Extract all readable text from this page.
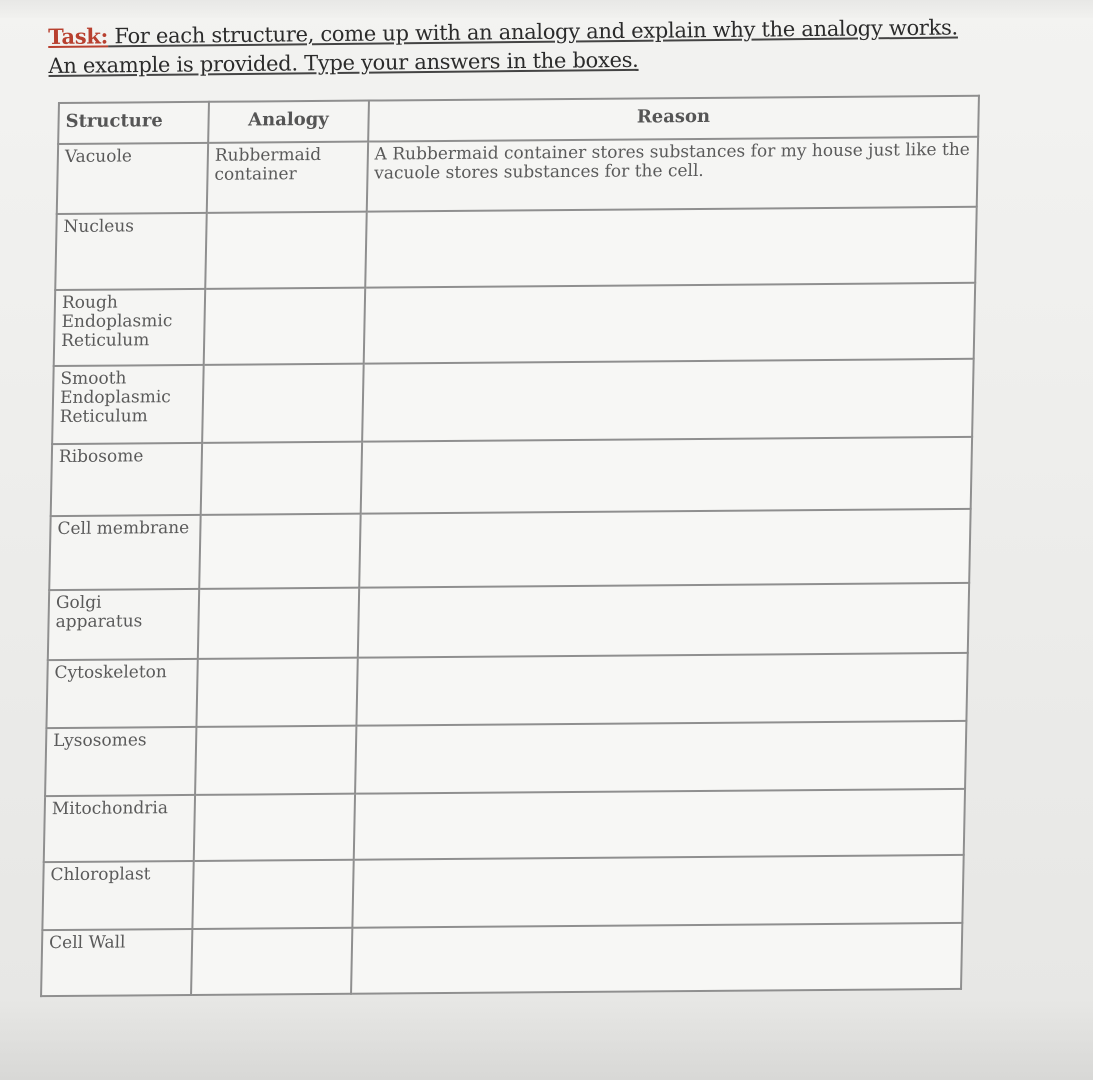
Task: For each structure, come up with an analogy and explain why the analogy works.
An example is provided. Type your answers in the boxes.
Structure	Analogy	Reason
Vacuole	Rubbermaid container	A Rubbermaid container stores substances for my house just like the vacuole stores substances for the cell.
Nucleus		
Rough Endoplasmic Reticulum		
Smooth Endoplasmic Reticulum		
Ribosome		
Cell membrane		
Golgi apparatus		
Cytoskeleton		
Lysosomes		
Mitochondria		
Chloroplast		
Cell Wall		
